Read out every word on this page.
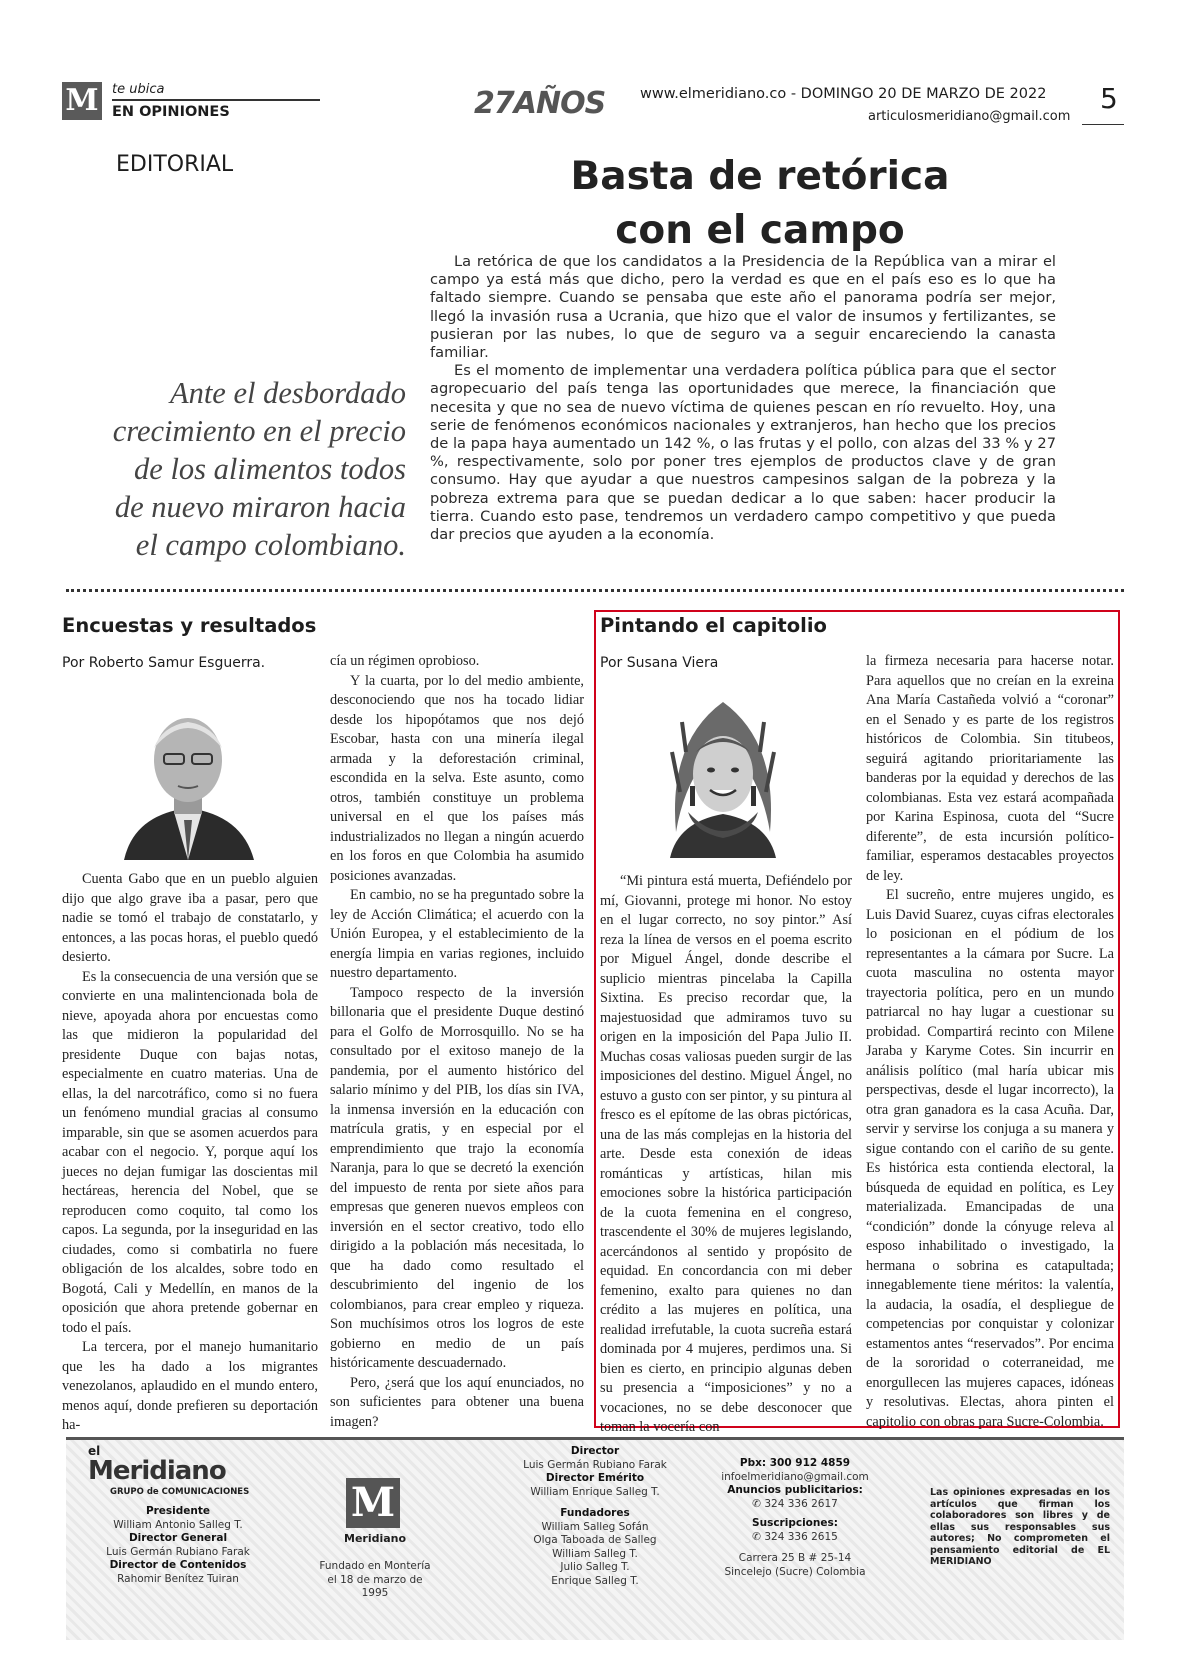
M te ubica
EN OPINIONES	27AÑOS www.elmeridiano.co - DOMINGO 20 DE MARZO DE 2022
articulosmeridiano@gmail.com
5
EDITORIAL	Basta de retórica
con el campo

La retórica de que los candidatos a la Presidencia de la República van a mirar el campo ya está más que dicho, pero la verdad es que en el país eso es lo que ha faltado siempre. Cuando se pensaba que este año el panorama podría ser mejor, llegó la invasión rusa a Ucrania, que hizo que el valor de insumos y fertilizantes, se pusieran por las nubes, lo que de seguro va a seguir encareciendo la canasta familiar.

Es el momento de implementar una verdadera política pública para que el sector agropecuario del país tenga las oportunidades que merece, la financiación que necesita y que no sea de nuevo víctima de quienes pescan en río revuelto. Hoy, una serie de fenómenos económicos nacionales y extranjeros, han hecho que los precios de la papa haya aumentado un 142 %, o las frutas y el pollo, con alzas del 33 % y 27 %, respectivamente, solo por poner tres ejemplos de productos clave y de gran consumo. Hay que ayudar a que nuestros campesinos salgan de la pobreza y la pobreza extrema para que se puedan dedicar a lo que saben: hacer producir la tierra. Cuando esto pase, tendremos un verdadero campo competitivo y que pueda dar precios que ayuden a la economía.

Ante el desbordado crecimiento en el precio de los alimentos todos de nuevo miraron hacia el campo colombiano.
Encuestas y resultados
Por Roberto Samur Esguerra.

Cuenta Gabo que en un pueblo alguien dijo que algo grave iba a pasar, pero que nadie se tomó el trabajo de constatarlo, y entonces, a las pocas horas, el pueblo quedó desierto.

Es la consecuencia de una versión que se convierte en una malintencionada bola de nieve, apoyada ahora por encuestas como las que midieron la popularidad del presidente Duque con bajas notas, especialmente en cuatro materias. Una de ellas, la del narcotráfico, como si no fuera un fenómeno mundial gracias al consumo imparable, sin que se asomen acuerdos para acabar con el negocio. Y, porque aquí los jueces no dejan fumigar las doscientas mil hectáreas, herencia del Nobel, que se reproducen como coquito, tal como los capos. La segunda, por la inseguridad en las ciudades, como si combatirla no fuere obligación de los alcaldes, sobre todo en Bogotá, Cali y Medellín, en manos de la oposición que ahora pretende gobernar en todo el país.

La tercera, por el manejo humanitario que les ha dado a los migrantes venezolanos, aplaudido en el mundo entero, menos aquí, donde prefieren su deportación ha-

cía un régimen oprobioso.

Y la cuarta, por lo del medio ambiente, desconociendo que nos ha tocado lidiar desde los hipopótamos que nos dejó Escobar, hasta con una minería ilegal armada y la deforestación criminal, escondida en la selva. Este asunto, como otros, también constituye un problema universal en el que los países más industrializados no llegan a ningún acuerdo en los foros en que Colombia ha asumido posiciones avanzadas.

En cambio, no se ha preguntado sobre la ley de Acción Climática; el acuerdo con la Unión Europea, y el establecimiento de la energía limpia en varias regiones, incluido nuestro departamento.

Tampoco respecto de la inversión billonaria que el presidente Duque destinó para el Golfo de Morrosquillo. No se ha consultado por el exitoso manejo de la pandemia, por el aumento histórico del salario mínimo y del PIB, los días sin IVA, la inmensa inversión en la educación con matrícula gratis, y en especial por el emprendimiento que trajo la economía Naranja, para lo que se decretó la exención del impuesto de renta por siete años para empresas que generen nuevos empleos con inversión en el sector creativo, todo ello dirigido a la población más necesitada, lo que ha dado como resultado el descubrimiento del ingenio de los colombianos, para crear empleo y riqueza. Son muchísimos otros los logros de este gobierno en medio de un país históricamente descuadernado.

Pero, ¿será que los aquí enunciados, no son suficientes para obtener una buena imagen?

Pintando el capitolio
Por Susana Viera

“Mi pintura está muerta, Defiéndelo por mí, Giovanni, protege mi honor. No estoy en el lugar correcto, no soy pintor.” Así reza la línea de versos en el poema escrito por Miguel Ángel, donde describe el suplicio mientras pincelaba la Capilla Sixtina. Es preciso recordar que, la majestuosidad que admiramos tuvo su origen en la imposición del Papa Julio II. Muchas cosas valiosas pueden surgir de las imposiciones del destino. Miguel Ángel, no estuvo a gusto con ser pintor, y su pintura al fresco es el epítome de las obras pictóricas, una de las más complejas en la historia del arte. Desde esta conexión de ideas románticas y artísticas, hilan mis emociones sobre la histórica participación de la cuota femenina en el congreso, trascendente el 30% de mujeres legislando, acercándonos al sentido y propósito de equidad. En concordancia con mi deber femenino, exalto para quienes no dan crédito a las mujeres en política, una realidad irrefutable, la cuota sucreña estará dominada por 4 mujeres, perdimos una. Si bien es cierto, en principio algunas deben su presencia a “imposiciones” y no a vocaciones, no se debe desconocer que toman la vocería con

la firmeza necesaria para hacerse notar. Para aquellos que no creían en la exreina Ana María Castañeda volvió a “coronar” en el Senado y es parte de los registros históricos de Colombia. Sin titubeos, seguirá agitando prioritariamente las banderas por la equidad y derechos de las colombianas. Esta vez estará acompañada por Karina Espinosa, cuota del “Sucre diferente”, de esta incursión político-familiar, esperamos destacables proyectos de ley.

El sucreño, entre mujeres ungido, es Luis David Suarez, cuyas cifras electorales lo posicionan en el pódium de los representantes a la cámara por Sucre. La cuota masculina no ostenta mayor trayectoria política, pero en un mundo patriarcal no hay lugar a cuestionar su probidad. Compartirá recinto con Milene Jaraba y Karyme Cotes. Sin incurrir en análisis político (mal haría ubicar mis perspectivas, desde el lugar incorrecto), la otra gran ganadora es la casa Acuña. Dar, servir y servirse los conjuga a su manera y sigue contando con el cariño de su gente. Es histórica esta contienda electoral, la búsqueda de equidad en política, es Ley materializada. Emancipadas de una “condición” donde la cónyuge releva al esposo inhabilitado o investigado, la hermana o sobrina es catapultada; innegablemente tiene méritos: la valentía, la audacia, la osadía, el despliegue de competencias por conquistar y colonizar estamentos antes “reservados”. Por encima de la sororidad o coterraneidad, me enorgullecen las mujeres capaces, idóneas y resolutivas. Electas, ahora pinten el capitolio con obras para Sucre-Colombia.

el
Meridiano
GRUPO de COMUNICACIONES
Presidente
William Antonio Salleg T.
Director General
Luis Germán Rubiano Farak
Director de Contenidos
Rahomir Benítez Tuiran
M
Meridiano
Fundado en Montería
el 18 de marzo de 1995
Director
Luis Germán Rubiano Farak
Director Emérito
William Enrique Salleg T.
Fundadores
William Salleg Sofán
Olga Taboada de Salleg
William Salleg T.
Julio Salleg T.
Enrique Salleg T.
Pbx: 300 912 4859
infoelmeridiano@gmail.com
Anuncios publicitarios:
✆ 324 336 2617
Suscripciones:
✆ 324 336 2615
Carrera 25 B # 25-14
Sincelejo (Sucre) Colombia
Las opiniones expresadas en los artículos que firman los colaboradores son libres y de ellas sus responsables sus autores; No comprometen el pensamiento editorial de EL MERIDIANO
